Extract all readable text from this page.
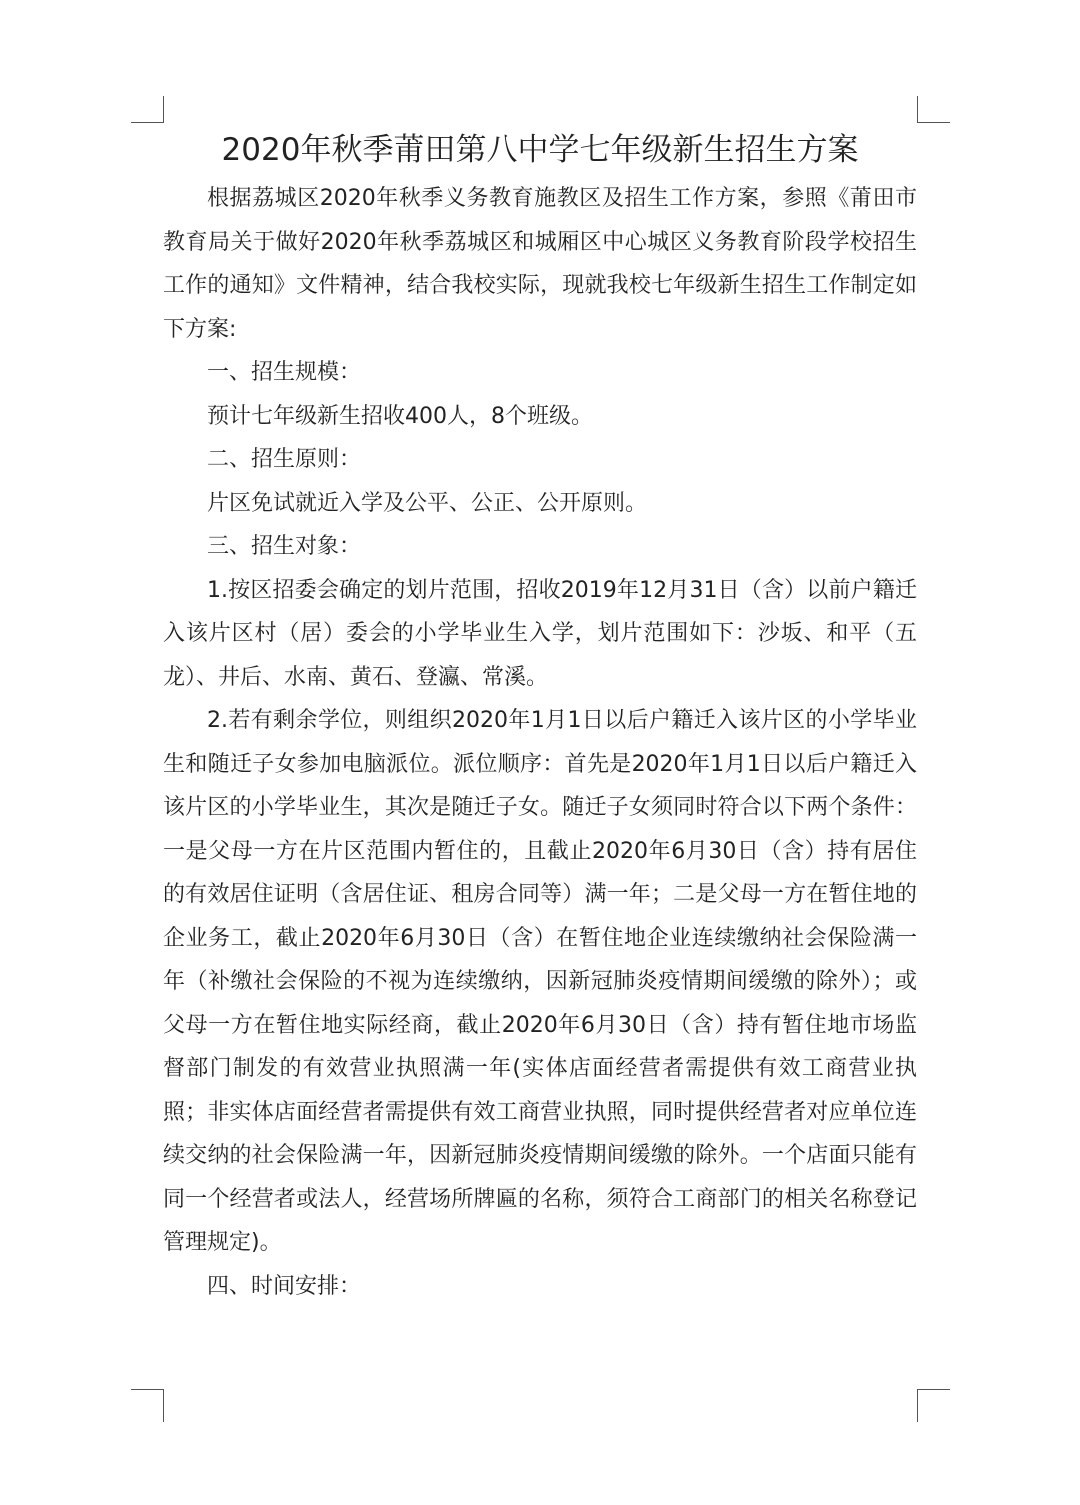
2020年秋季莆田第八中学七年级新生招生方案

根据荔城区2020年秋季义务教育施教区及招生工作方案，参照《莆田市教育局关于做好2020年秋季荔城区和城厢区中心城区义务教育阶段学校招生工作的通知》文件精神，结合我校实际，现就我校七年级新生招生工作制定如下方案:

一、招生规模：

预计七年级新生招收400人，8个班级。

二、招生原则：

片区免试就近入学及公平、公正、公开原则。

三、招生对象：

1.按区招委会确定的划片范围，招收2019年12月31日（含）以前户籍迁入该片区村（居）委会的小学毕业生入学，划片范围如下：沙坂、和平（五龙）、井后、水南、黄石、登瀛、常溪。

2.若有剩余学位，则组织2020年1月1日以后户籍迁入该片区的小学毕业生和随迁子女参加电脑派位。派位顺序：首先是2020年1月1日以后户籍迁入该片区的小学毕业生，其次是随迁子女。随迁子女须同时符合以下两个条件：一是父母一方在片区范围内暂住的，且截止2020年6月30日（含）持有居住的有效居住证明（含居住证、租房合同等）满一年；二是父母一方在暂住地的企业务工，截止2020年6月30日（含）在暂住地企业连续缴纳社会保险满一年（补缴社会保险的不视为连续缴纳，因新冠肺炎疫情期间缓缴的除外）；或父母一方在暂住地实际经商，截止2020年6月30日（含）持有暂住地市场监督部门制发的有效营业执照满一年(实体店面经营者需提供有效工商营业执照；非实体店面经营者需提供有效工商营业执照，同时提供经营者对应单位连续交纳的社会保险满一年，因新冠肺炎疫情期间缓缴的除外。一个店面只能有同一个经营者或法人，经营场所牌匾的名称，须符合工商部门的相关名称登记管理规定)。

四、时间安排：
